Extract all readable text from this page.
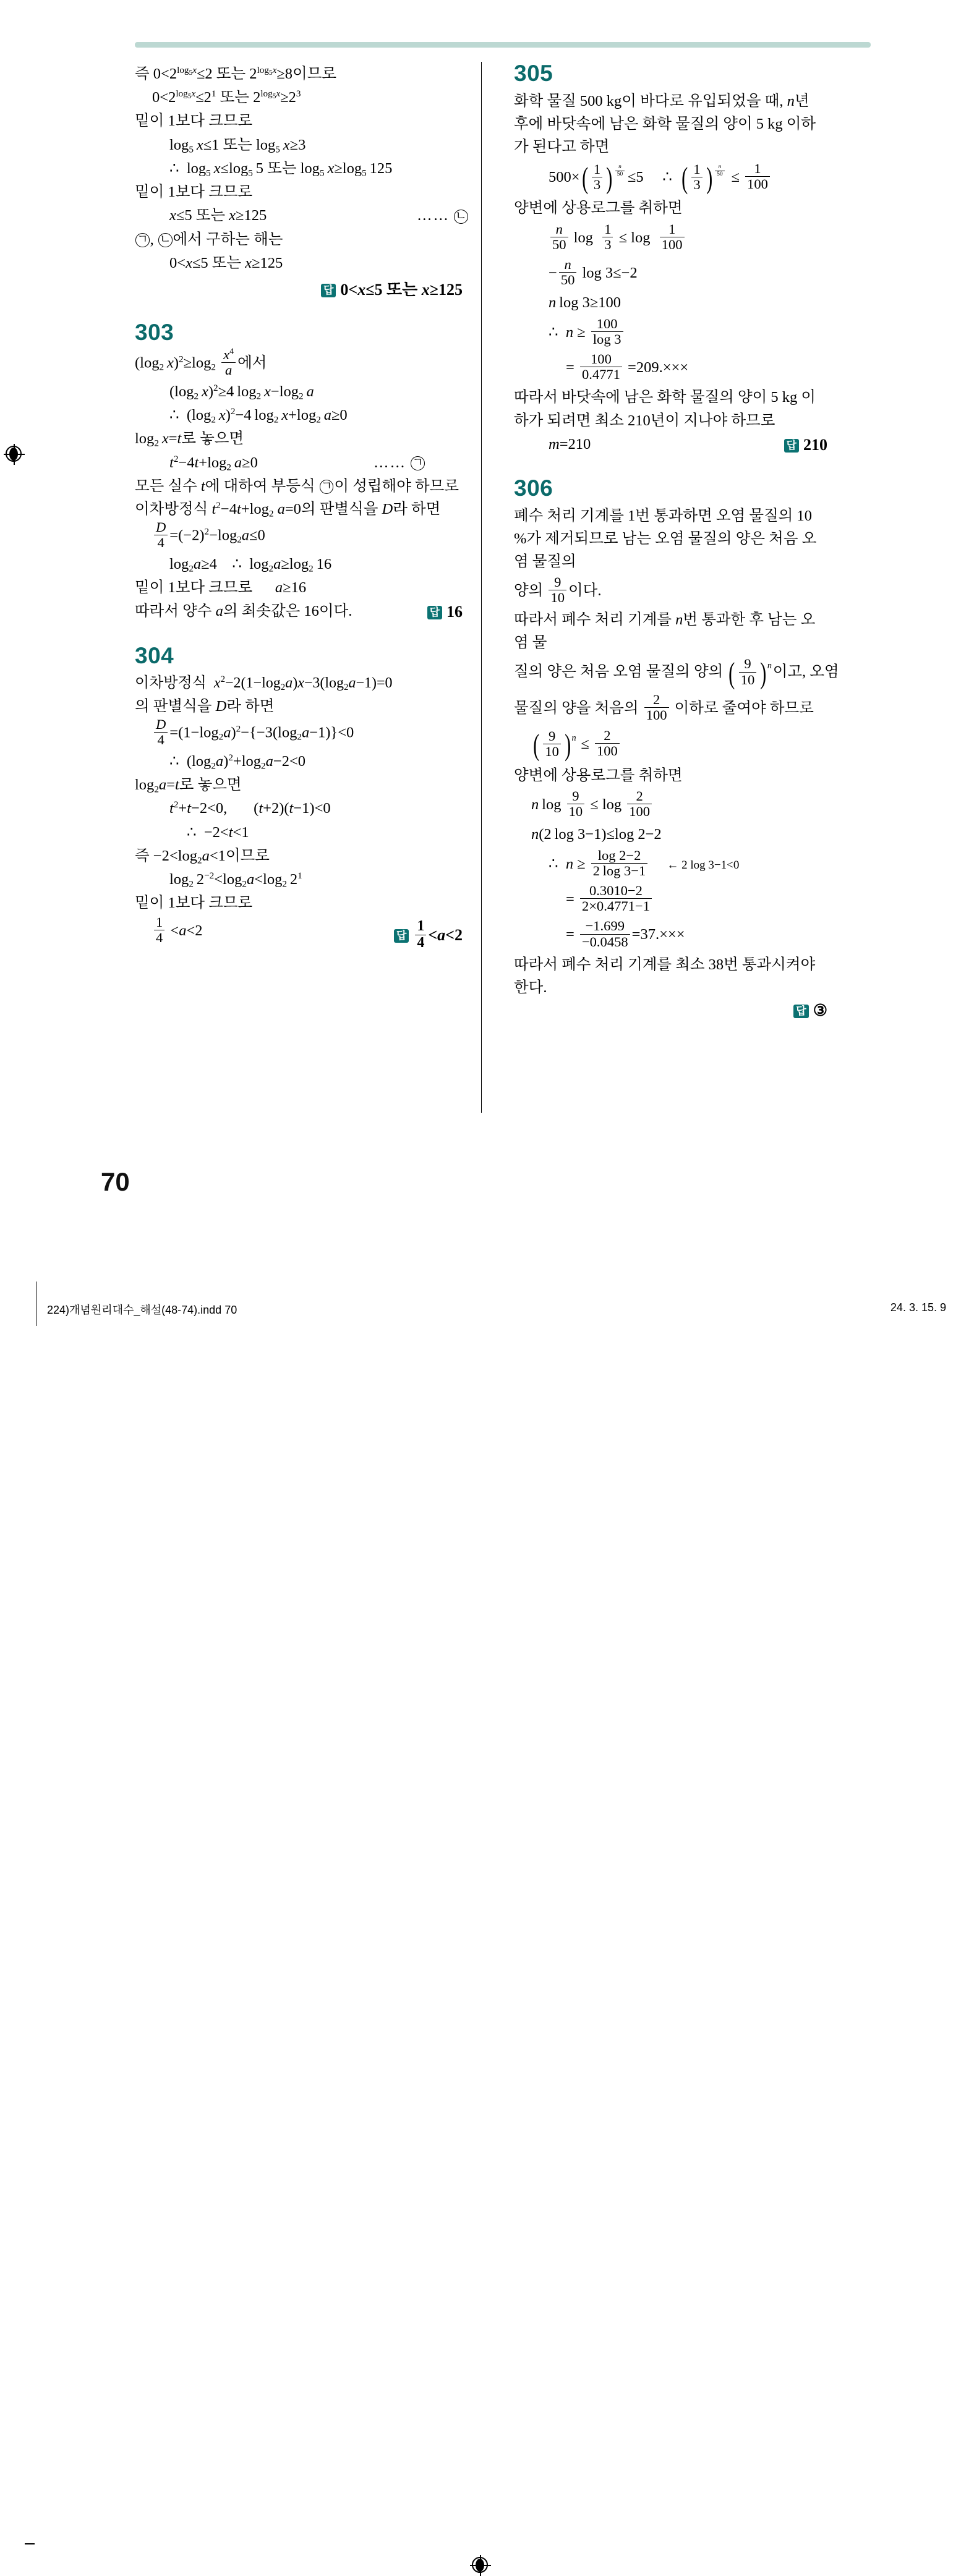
즉 $0<2^{log_5x}\le 2$ 또는 $2^{log_5x}\ge 8$이므로
$0<2^{log_5x}\le 2^1$ 또는 $2^{log_5x}\ge 2^3$
밑이 1보다 크므로
$\log_5 x\le 1$ 또는 $\log_5 x\ge 3$
∴  $\log_5 x\le\log_5$ 5 또는 $\log_5 x\ge\log_5$ 125
밑이 1보다 크므로
x≤5 또는 x≥125	…… ㄴ
ㄱ , ㄴ 에서 구하는 해는
0<x≤5 또는 x≥125
답 0<x≤5 또는 x≥125
303
($\log_2$  $x)^2\ge\log_2 \frac{x^4}{a}$ 에서
($\log_2$  x)$^2$≥4 $\log_2 x-\log_2$  a
∴  ($\log_2$  x)$^2$−4 $\log_2 x+\log_2$  a≥0
$\log_2 x=t$로 놓으면
$t^2-4t+\log_2$  a≥0	…… ㄱ
모든 실수 t에 대하여 부등식 ㄱ 이 성립해야 하므로 이차방정식 $t^2-4t+\log_2$ a=0의 판별식을 D라 하면
$\frac{D}{4} =(-2)^2-\log_2a\le 0$
$\log_2a\ge 4$    ∴  $\log_2a\ge\log_2$ 16
밑이 1보다 크므로      a≥16
따라서 양수 a의 최솟값은 16이다.	답 16
304
이차방정식  $x^2-2(1-\log_2a)x-3(\log_2a-1)=0$
의 판별식을 D라 하면
$\frac{D}{4} =(1-\log_2a)^2-\{-3(\log_2a-1)\}<0$
∴  $(\log_2a)^2+\log_2a-2<0$
$\log_2a=t$로 놓으면
$t^2+t-2<0$,       (t+2)(t−1)<0
∴  −2<t<1
즉 $-2<\log_2a<1$이므로
$\log_2 2^{-2}<\log_2a<\log_2$ $2^1$
밑이 1보다 크므로
$\frac{1}{4} <a<2$	답 $\frac{1}{4} <a<2$
305
화학 물질 500 kg이 바다로 유입되었을 때, n년 후에 바닷속에 남은 화학 물질의 양이 5 kg 이하가 된다고 하면
$500\times( \frac{1}{3}$ ) $\frac{n}{50} \le 5$     ∴  ( $\frac{1}{3}$ ) $\frac{n}{50} \le \frac{1}{100}$
양변에 상용로그를 취하면
$\frac{n}{50}$ $\log \frac{1}{3} \le \log \frac{1}{100}$
− $\frac{n}{50}$ log 3≤−2
n log 3≥100
∴  $n \ge \frac{100}{\log 3}$
= $\frac{100}{0.4771} =209.\times\times\times$
따라서 바닷속에 남은 화학 물질의 양이 5 kg 이하가 되려면 최소 210년이 지나야 하므로
m=210	답 210
306
폐수 처리 기계를 1번 통과하면 오염 물질의 10 %가 제거되므로 남는 오염 물질의 양은 처음 오염 물질의
양의 $\frac{9}{10}$ 이다.
따라서 폐수 처리 기계를 n번 통과한 후 남는 오염 물
질의 양은 처음 오염 물질의 양의 ( $\frac{9}{10} )n$이고, 오염
물질의 양을 처음의 $\frac{2}{100}$ 이하로 줄여야 하므로
( $\frac{9}{10} )n \le \frac{2}{100}$
양변에 상용로그를 취하면
n $\log \frac{9}{10} \le \log \frac{2}{100}$
n(2 log 3−1)≤log 2−2
∴  $n \ge \frac{\log 2-2}{2 \log 3-1}$ ← 2 log 3−1<0
= $\frac{0.3010-2}{2\times 0.4771-1}$
= $\frac{-1.699}{-0.0458} =37.\times\times\times$
따라서 폐수 처리 기계를 최소 38번 통과시켜야 한다.
답 ③
70
224)개념원리대수_해설(48-74).indd 70	24. 3. 15. 9
